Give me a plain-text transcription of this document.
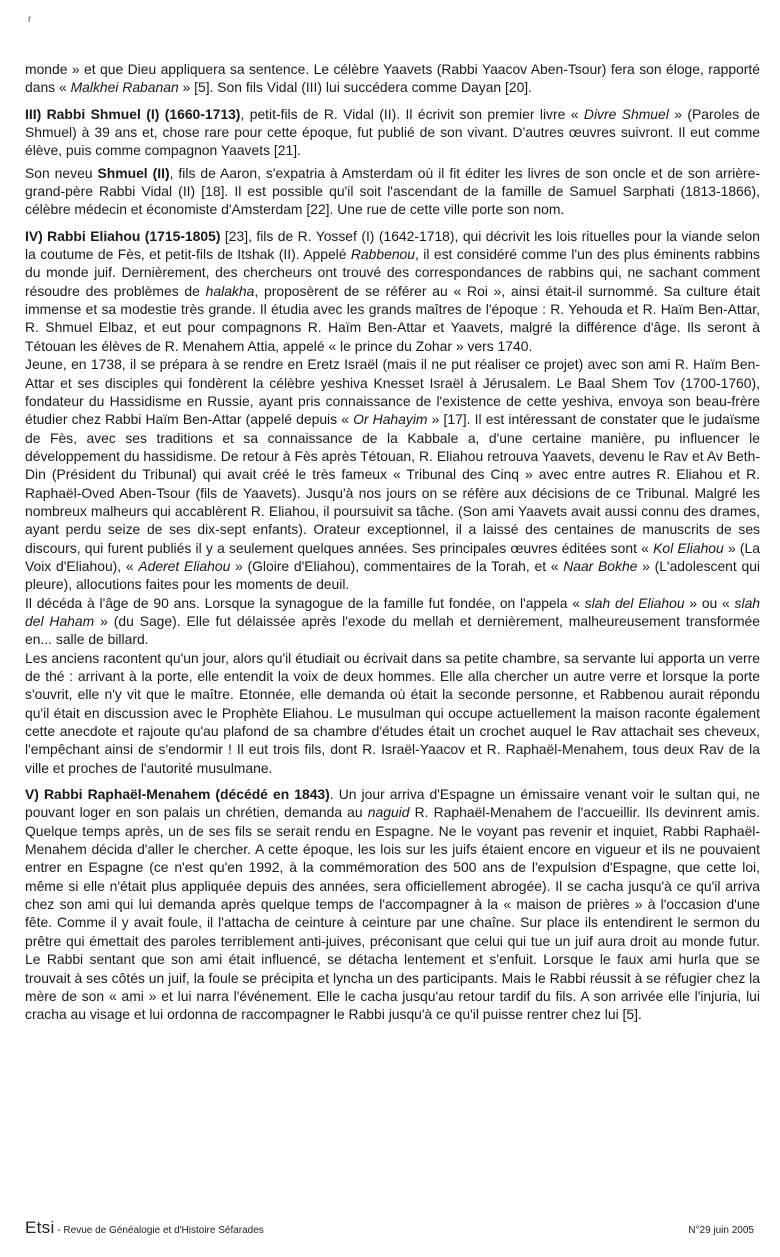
r

monde » et que Dieu appliquera sa sentence. Le célèbre Yaavets (Rabbi Yaacov Aben-Tsour) fera son éloge, rapporté dans « Malkhei Rabanan » [5]. Son fils Vidal (III) lui succédera comme Dayan [20].

III) Rabbi Shmuel (I) (1660-1713), petit-fils de R. Vidal (II). Il écrivit son premier livre « Divre Shmuel » (Paroles de Shmuel) à 39 ans et, chose rare pour cette époque, fut publié de son vivant. D'autres œuvres suivront. Il eut comme élève, puis comme compagnon Yaavets [21].

Son neveu Shmuel (II), fils de Aaron, s'expatria à Amsterdam où il fit éditer les livres de son oncle et de son arrière-grand-père Rabbi Vidal (II) [18]. Il est possible qu'il soit l'ascendant de la famille de Samuel Sarphati (1813-1866), célèbre médecin et économiste d'Amsterdam [22]. Une rue de cette ville porte son nom.

IV) Rabbi Eliahou (1715-1805) [23], fils de R. Yossef (I) (1642-1718), qui décrivit les lois rituelles pour la viande selon la coutume de Fès, et petit-fils de Itshak (II). Appelé Rabbenou, il est considéré comme l'un des plus éminents rabbins du monde juif. Dernièrement, des chercheurs ont trouvé des correspondances de rabbins qui, ne sachant comment résoudre des problèmes de halakha, proposèrent de se référer au « Roi », ainsi était-il surnommé. Sa culture était immense et sa modestie très grande. Il étudia avec les grands maîtres de l'époque : R. Yehouda et R. Haïm Ben-Attar, R. Shmuel Elbaz, et eut pour compagnons R. Haïm Ben-Attar et Yaavets, malgré la différence d'âge. Ils seront à Tétouan les élèves de R. Menahem Attia, appelé « le prince du Zohar » vers 1740.

Jeune, en 1738, il se prépara à se rendre en Eretz Israël (mais il ne put réaliser ce projet) avec son ami R. Haïm Ben-Attar et ses disciples qui fondèrent la célèbre yeshiva Knesset Israël à Jérusalem. Le Baal Shem Tov (1700-1760), fondateur du Hassidisme en Russie, ayant pris connaissance de l'existence de cette yeshiva, envoya son beau-frère étudier chez Rabbi Haïm Ben-Attar (appelé depuis « Or Hahayim » [17]. Il est intéressant de constater que le judaïsme de Fès, avec ses traditions et sa connaissance de la Kabbale a, d'une certaine manière, pu influencer le développement du hassidisme. De retour à Fès après Tétouan, R. Eliahou retrouva Yaavets, devenu le Rav et Av Beth-Din (Président du Tribunal) qui avait créé le très fameux « Tribunal des Cinq » avec entre autres R. Eliahou et R. Raphaël-Oved Aben-Tsour (fils de Yaavets). Jusqu'à nos jours on se réfère aux décisions de ce Tribunal. Malgré les nombreux malheurs qui accablèrent R. Eliahou, il poursuivit sa tâche. (Son ami Yaavets avait aussi connu des drames, ayant perdu seize de ses dix-sept enfants). Orateur exceptionnel, il a laissé des centaines de manuscrits de ses discours, qui furent publiés il y a seulement quelques années. Ses principales œuvres éditées sont « Kol Eliahou » (La Voix d'Eliahou), « Aderet Eliahou » (Gloire d'Eliahou), commentaires de la Torah, et « Naar Bokhe » (L'adolescent qui pleure), allocutions faites pour les moments de deuil.

Il décéda à l'âge de 90 ans. Lorsque la synagogue de la famille fut fondée, on l'appela « slah del Eliahou » ou « slah del Haham » (du Sage). Elle fut délaissée après l'exode du mellah et dernièrement, malheureusement transformée en... salle de billard.

Les anciens racontent qu'un jour, alors qu'il étudiait ou écrivait dans sa petite chambre, sa servante lui apporta un verre de thé : arrivant à la porte, elle entendit la voix de deux hommes. Elle alla chercher un autre verre et lorsque la porte s'ouvrit, elle n'y vit que le maître. Etonnée, elle demanda où était la seconde personne, et Rabbenou aurait répondu qu'il était en discussion avec le Prophète Eliahou. Le musulman qui occupe actuellement la maison raconte également cette anecdote et rajoute qu'au plafond de sa chambre d'études était un crochet auquel le Rav attachait ses cheveux, l'empêchant ainsi de s'endormir ! Il eut trois fils, dont R. Israël-Yaacov et R. Raphaël-Menahem, tous deux Rav de la ville et proches de l'autorité musulmane.

V) Rabbi Raphaël-Menahem (décédé en 1843). Un jour arriva d'Espagne un émissaire venant voir le sultan qui, ne pouvant loger en son palais un chrétien, demanda au naguid R. Raphaël-Menahem de l'accueillir. Ils devinrent amis. Quelque temps après, un de ses fils se serait rendu en Espagne. Ne le voyant pas revenir et inquiet, Rabbi Raphaël-Menahem décida d'aller le chercher. A cette époque, les lois sur les juifs étaient encore en vigueur et ils ne pouvaient entrer en Espagne (ce n'est qu'en 1992, à la commémoration des 500 ans de l'expulsion d'Espagne, que cette loi, même si elle n'était plus appliquée depuis des années, sera officiellement abrogée). Il se cacha jusqu'à ce qu'il arriva chez son ami qui lui demanda après quelque temps de l'accompagner à la « maison de prières » à l'occasion d'une fête. Comme il y avait foule, il l'attacha de ceinture à ceinture par une chaîne. Sur place ils entendirent le sermon du prêtre qui émettait des paroles terriblement anti-juives, préconisant que celui qui tue un juif aura droit au monde futur. Le Rabbi sentant que son ami était influencé, se détacha lentement et s'enfuit. Lorsque le faux ami hurla que se trouvait à ses côtés un juif, la foule se précipita et lyncha un des participants. Mais le Rabbi réussit à se réfugier chez la mère de son « ami » et lui narra l'événement. Elle le cacha jusqu'au retour tardif du fils. A son arrivée elle l'injuria, lui cracha au visage et lui ordonna de raccompagner le Rabbi jusqu'à ce qu'il puisse rentrer chez lui [5].

Etsi - Revue de Généalogie et d'Histoire Séfarades	N°29 juin 2005
